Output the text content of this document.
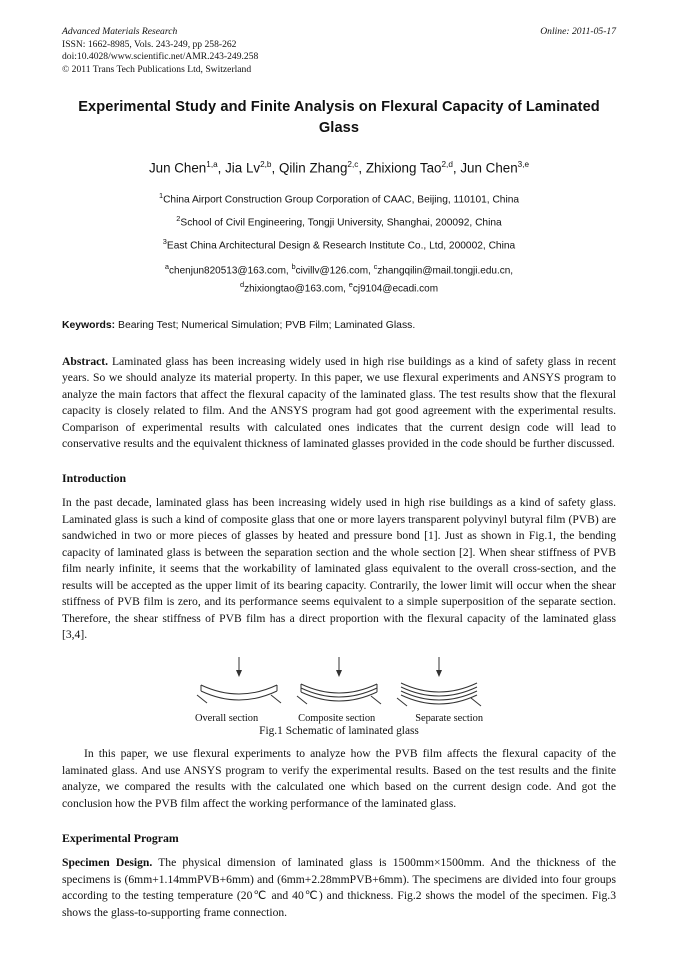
Advanced Materials Research
ISSN: 1662-8985, Vols. 243-249, pp 258-262
doi:10.4028/www.scientific.net/AMR.243-249.258
© 2011 Trans Tech Publications Ltd, Switzerland
Online: 2011-05-17
Experimental Study and Finite Analysis on Flexural Capacity of Laminated Glass
Jun Chen$^{1,a}$, Jia Lv$^{2,b}$, Qilin Zhang$^{2,c}$, Zhixiong Tao$^{2,d}$, Jun Chen$^{3,e}$
$^1$China Airport Construction Group Corporation of CAAC, Beijing, 110101, China
$^2$School of Civil Engineering, Tongji University, Shanghai, 200092, China
$^3$East China Architectural Design & Research Institute Co., Ltd, 200002, China
$^a$chenjun820513@163.com, $^b$civillv@126.com, $^c$zhangqilin@mail.tongji.edu.cn,
$^d$zhixiongtao@163.com, $^e$cj9104@ecadi.com
Keywords: Bearing Test; Numerical Simulation; PVB Film; Laminated Glass.
Abstract. Laminated glass has been increasing widely used in high rise buildings as a kind of safety glass in recent years. So we should analyze its material property. In this paper, we use flexural experiments and ANSYS program to analyze the main factors that affect the flexural capacity of the laminated glass. The test results show that the flexural capacity is closely related to film. And the ANSYS program had got good agreement with the experimental results. Comparison of experimental results with calculated ones indicates that the current design code will lead to conservative results and the equivalent thickness of laminated glasses provided in the code should be further discussed.
Introduction
In the past decade, laminated glass has been increasing widely used in high rise buildings as a kind of safety glass. Laminated glass is such a kind of composite glass that one or more layers transparent polyvinyl butyral film (PVB) are sandwiched in two or more pieces of glasses by heated and pressure bond [1]. Just as shown in Fig.1, the bending capacity of laminated glass is between the separation section and the whole section [2]. When shear stiffness of PVB film nearly infinite, it seems that the workability of laminated glass equivalent to the overall cross-section, and the results will be accepted as the upper limit of its bearing capacity. Contrarily, the lower limit will occur when the shear stiffness of PVB film is zero, and its performance seems equivalent to a simple superposition of the separate section. Therefore, the shear stiffness of PVB film has a direct proportion with the flexural capacity of the laminated glass [3,4].
Overall section	Composite section	Separate section
Fig.1 Schematic of laminated glass
In this paper, we use flexural experiments to analyze how the PVB film affects the flexural capacity of the laminated glass. And use ANSYS program to verify the experimental results. Based on the test results and the finite analyze, we compared the results with the calculated one which based on the current design code. And got the conclusion how the PVB film affect the working performance of the laminated glass.
Experimental Program
Specimen Design. The physical dimension of laminated glass is 1500mm×1500mm. And the thickness of the specimens is (6mm+1.14mmPVB+6mm) and (6mm+2.28mmPVB+6mm). The specimens are divided into four groups according to the testing temperature (20℃ and 40℃) and thickness. Fig.2 shows the model of the specimen. Fig.3 shows the glass-to-supporting frame connection.
